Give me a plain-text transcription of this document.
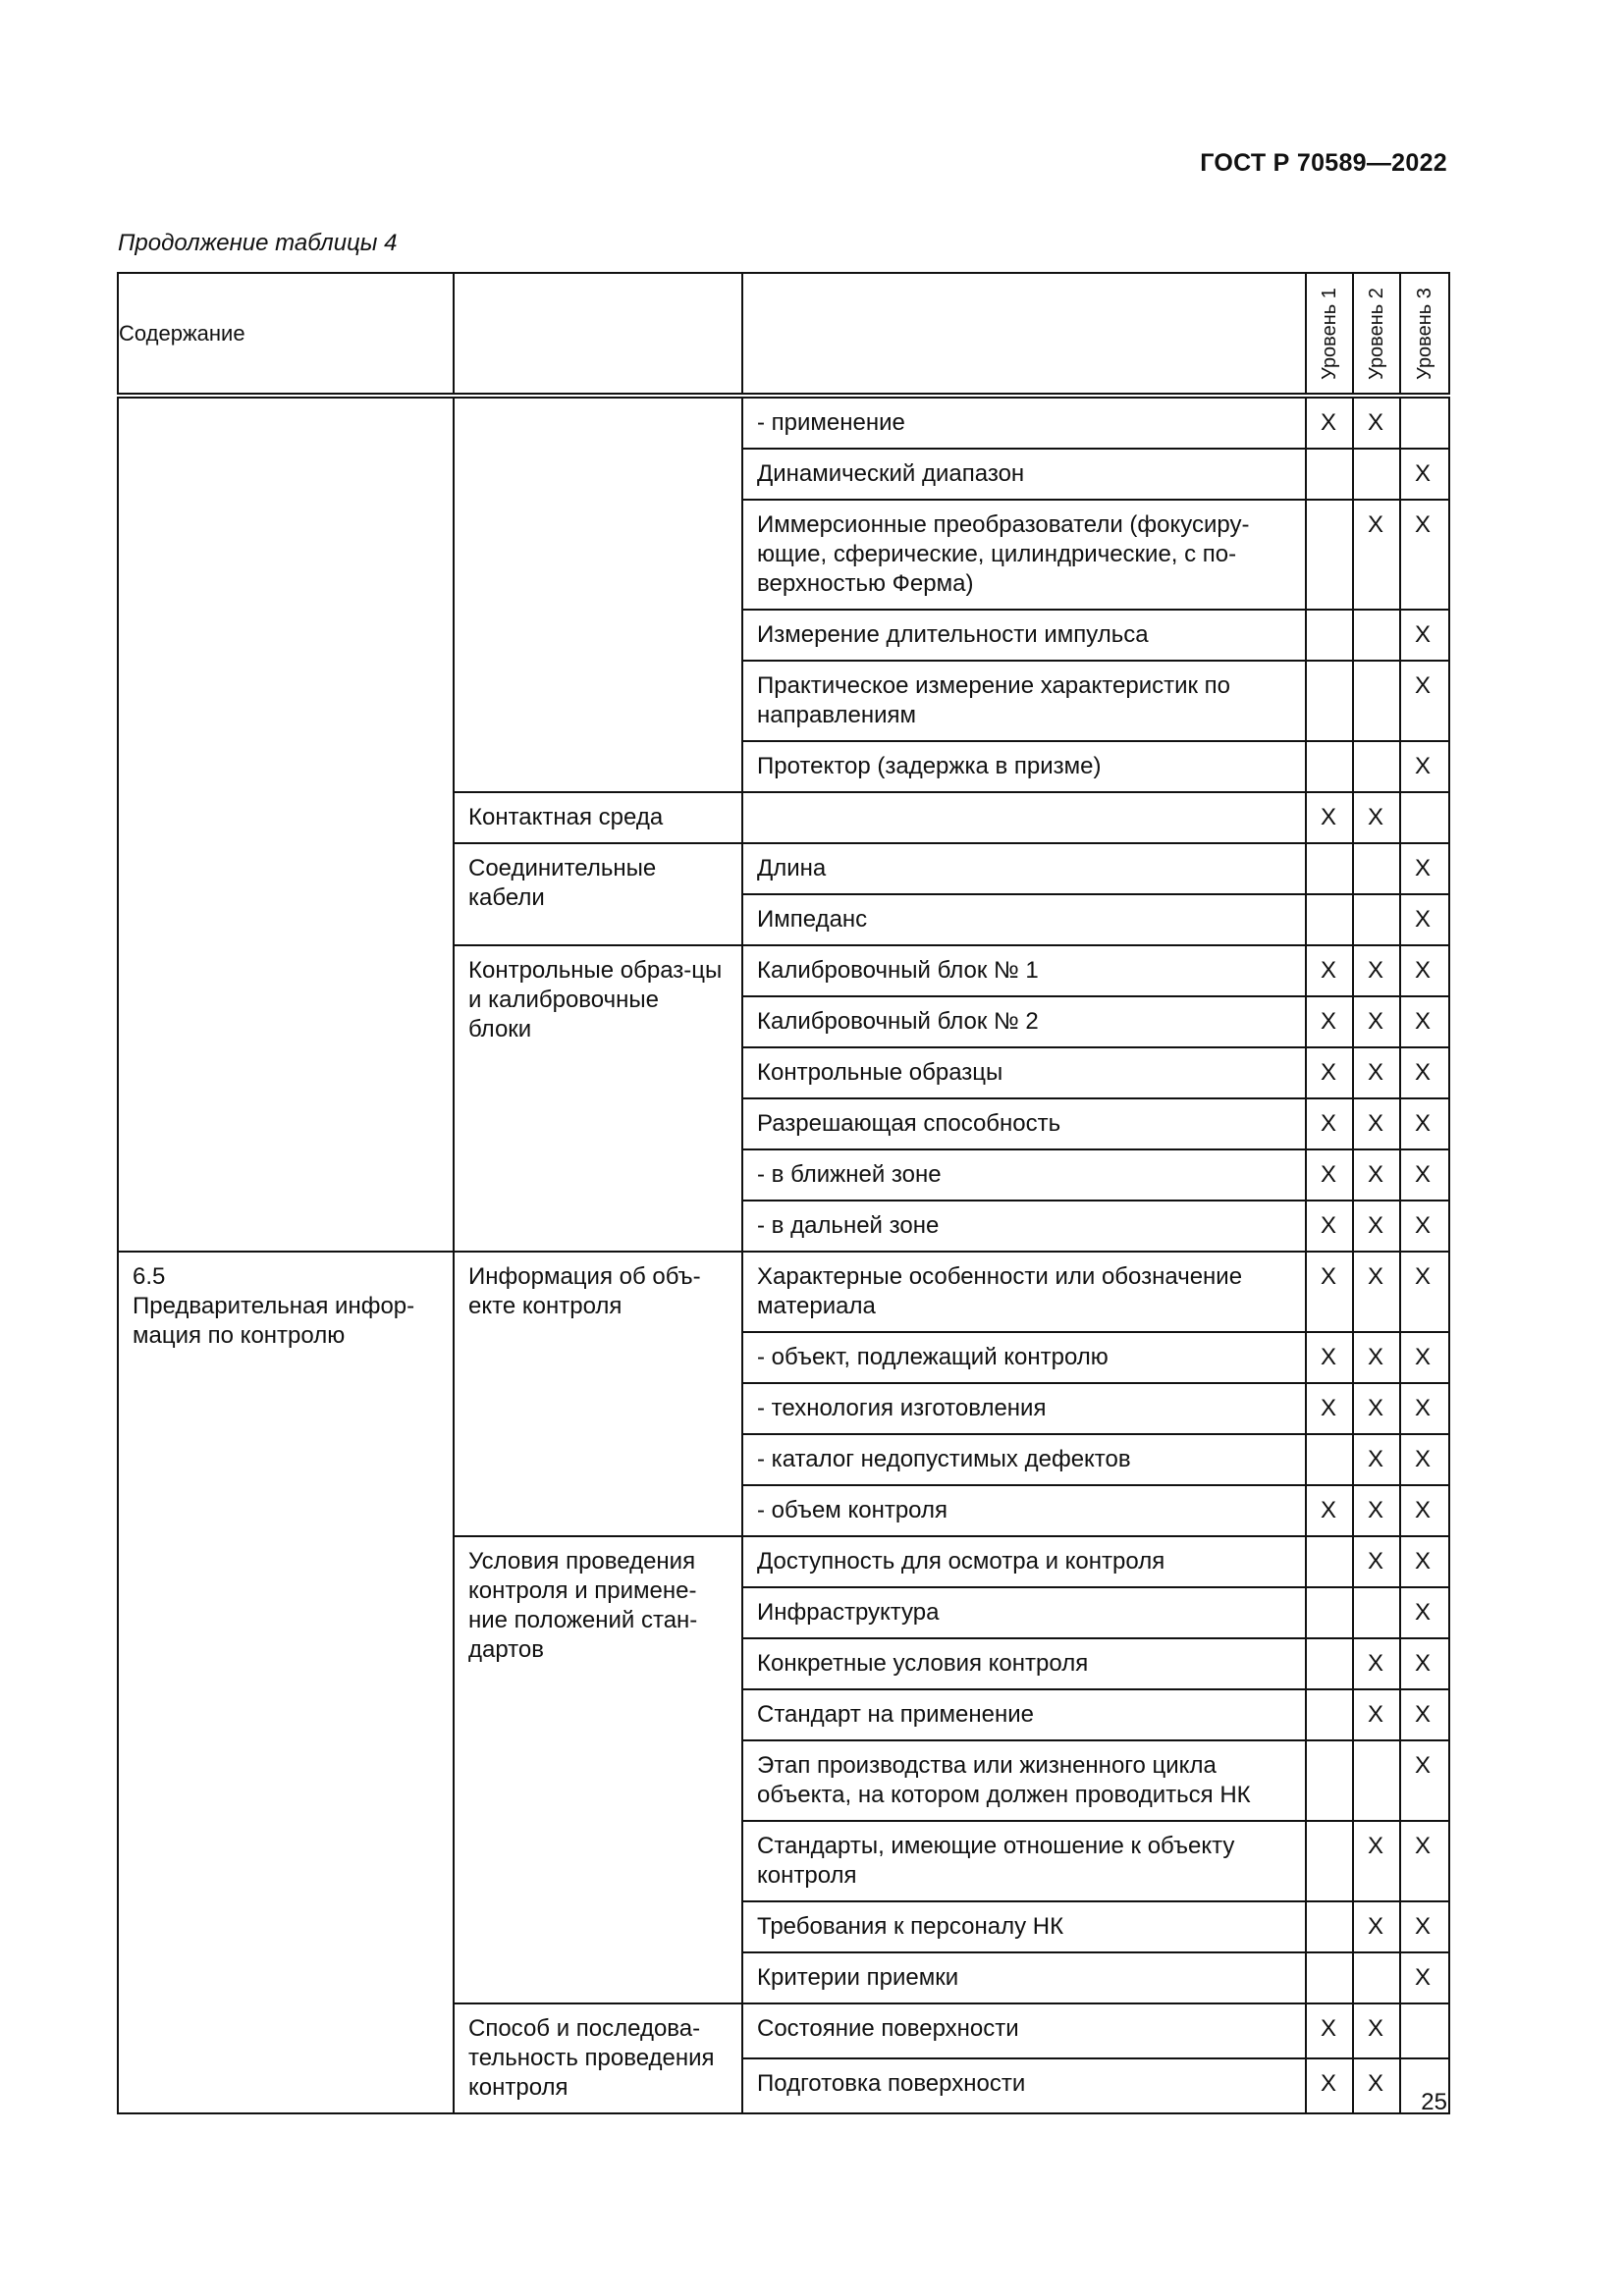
ГОСТ Р 70589—2022
Продолжение таблицы 4
Содержание			Уровень 1	Уровень 2	Уровень 3

		- применение	X	X	
		Динамический диапазон			X
		Иммерсионные преобразователи (фокусиру-ющие, сферические, цилиндрические, с по-верхностью Ферма)		X	X
		Измерение длительности импульса			X
		Практическое измерение характеристик по направлениям			X
		Протектор (задержка в призме)			X
	Контактная среда		X	X	
	Соединительные кабели	Длина			X
		Импеданс			X
	Контрольные образ-цы и калибровочные блоки	Калибровочный блок № 1	X	X	X
		Калибровочный блок № 2	X	X	X
		Контрольные образцы	X	X	X
		Разрешающая способность	X	X	X
		- в ближней зоне	X	X	X
		- в дальней зоне	X	X	X

6.5
Предварительная инфор-мация по контролю	Информация об объ-екте контроля	Характерные особенности или обозначение материала	X	X	X
		- объект, подлежащий контролю	X	X	X
		- технология изготовления	X	X	X
		- каталог недопустимых дефектов		X	X
		- объем контроля	X	X	X
	Условия проведения контроля и примене-ние положений стан-дартов	Доступность для осмотра и контроля		X	X
		Инфраструктура			X
		Конкретные условия контроля		X	X
		Стандарт на применение		X	X
		Этап производства или жизненного цикла объекта, на котором должен проводиться НК			X
		Стандарты, имеющие отношение к объекту контроля		X	X
		Требования к персоналу НК		X	X
		Критерии приемки			X
	Способ и последова-тельность проведения контроля	Состояние поверхности	X	X	
		Подготовка поверхности	X	X	
25
